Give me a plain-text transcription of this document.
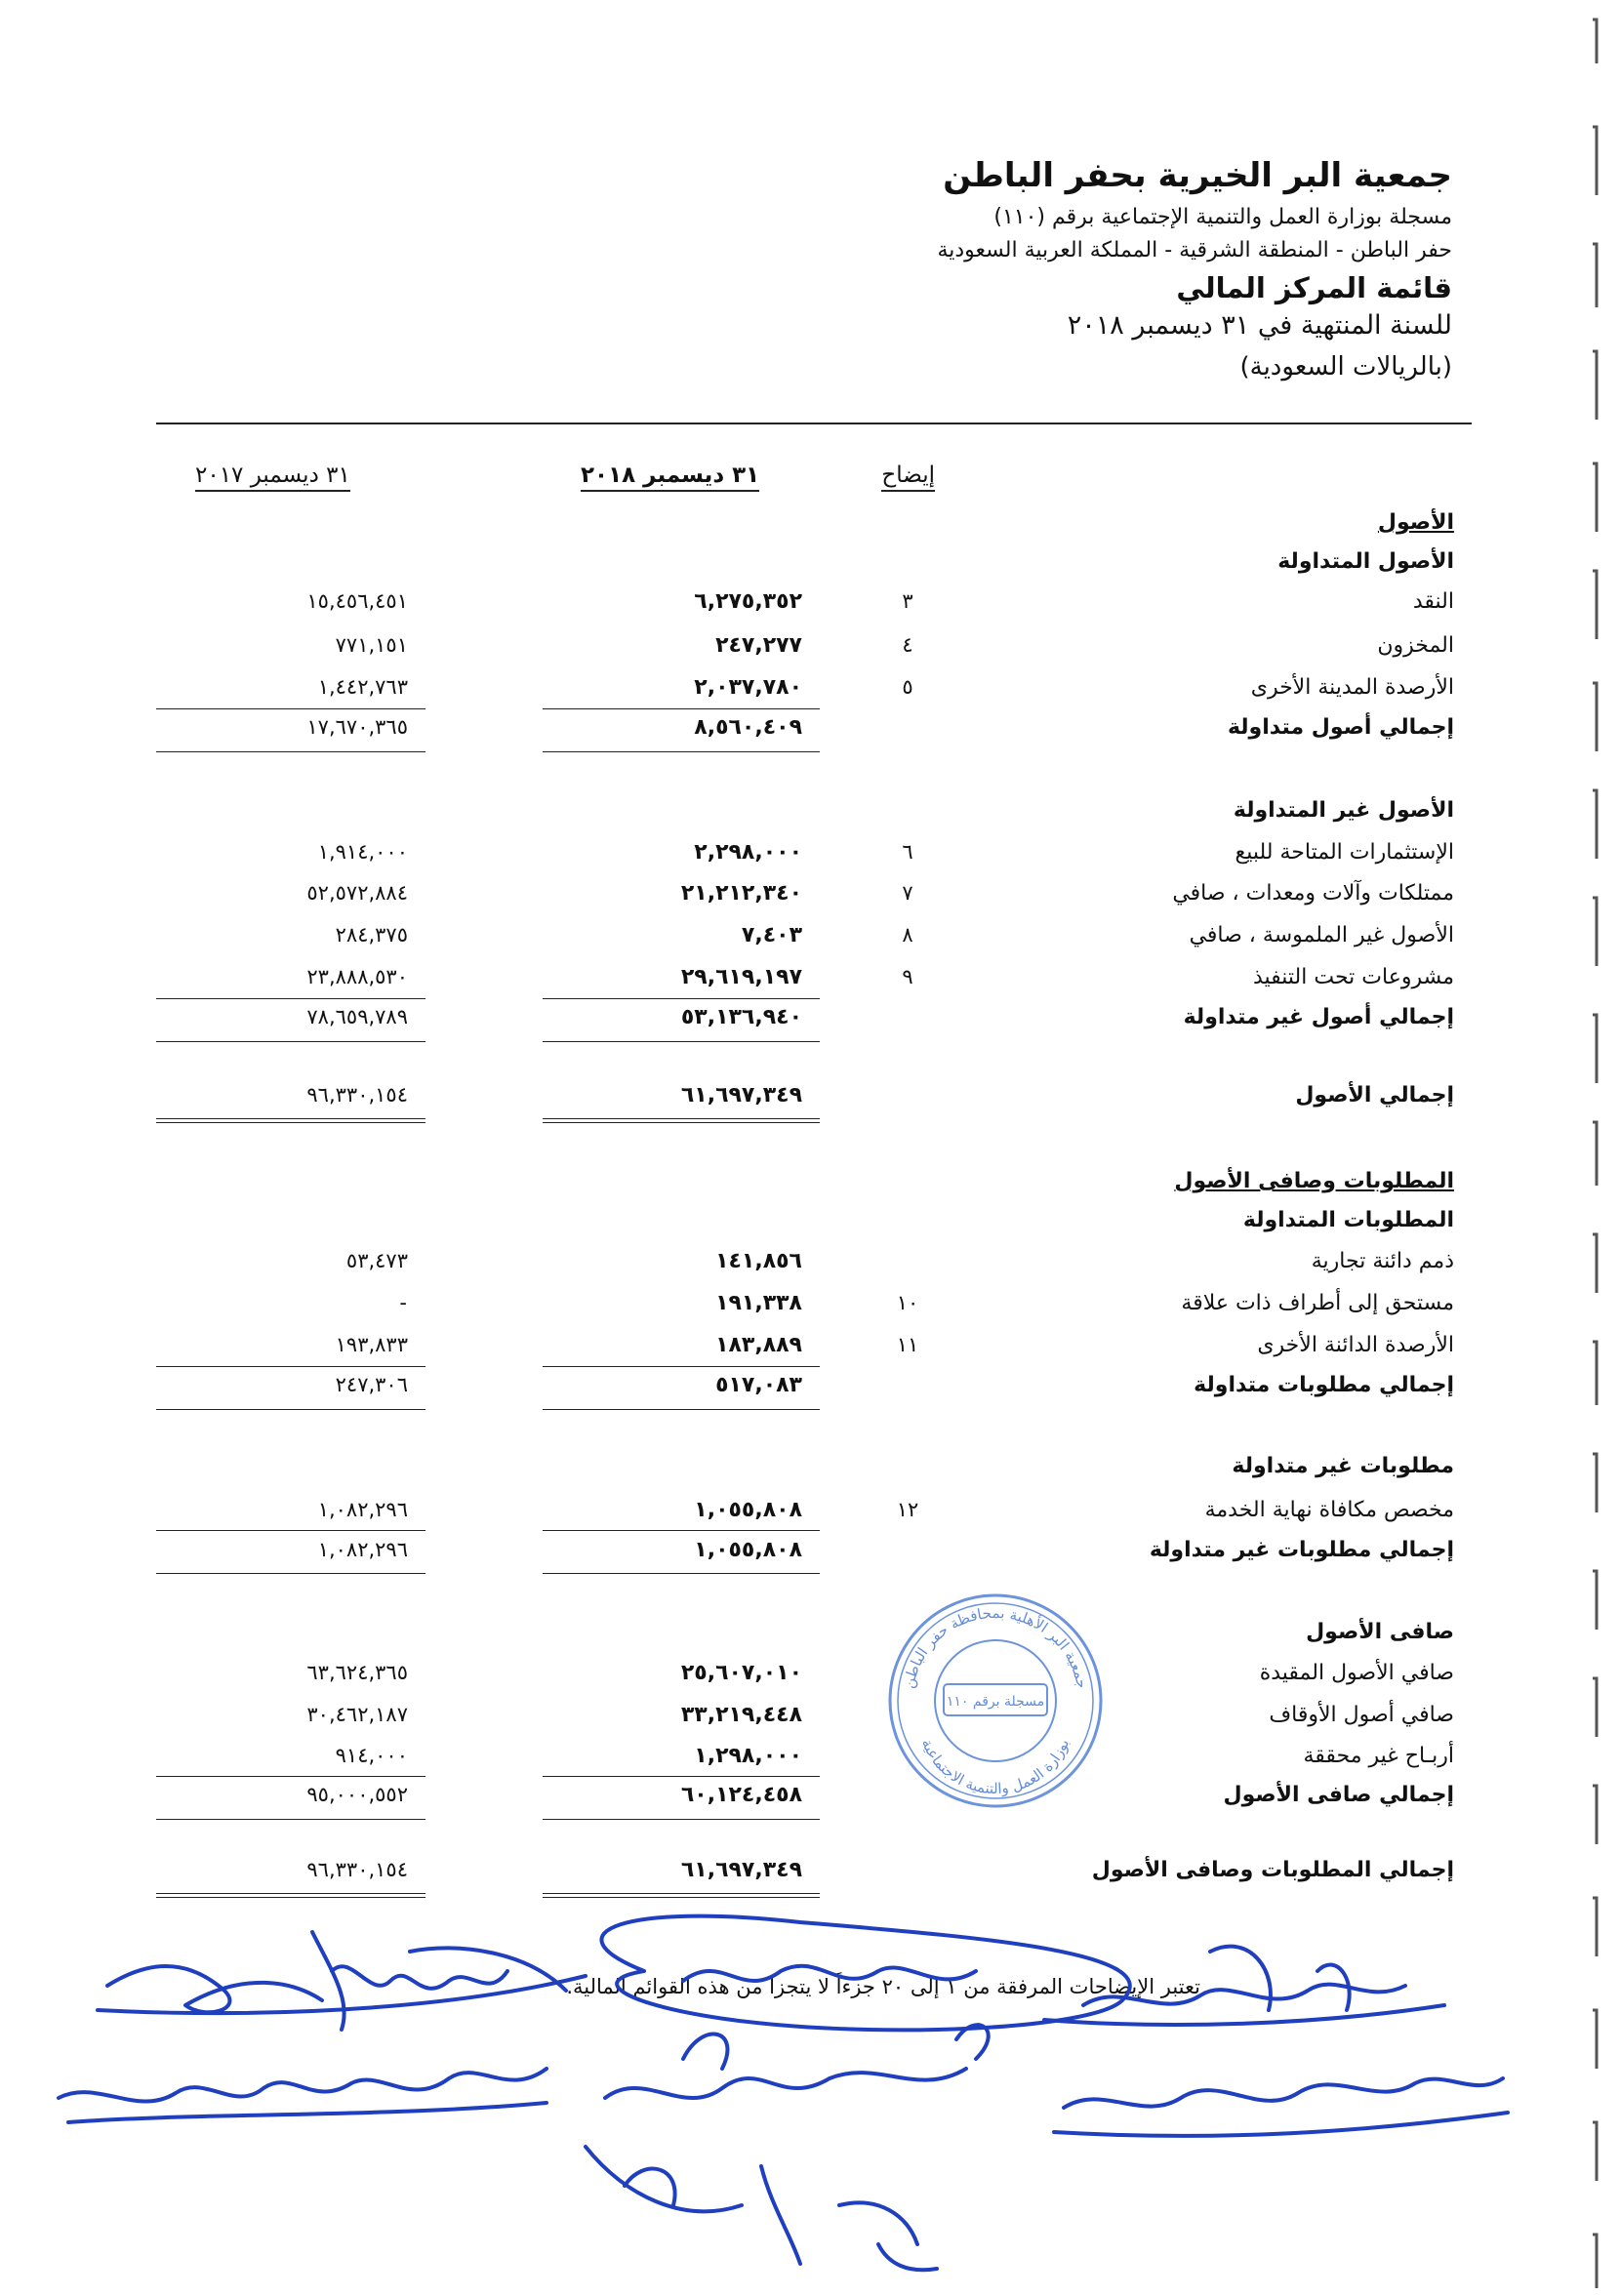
جمعية البر الخيرية بحفر الباطن
مسجلة بوزارة العمل والتنمية الإجتماعية برقم (١١٠)
حفر الباطن - المنطقة الشرقية - المملكة العربية السعودية
قائمة المركز المالي
للسنة المنتهية في ٣١ ديسمبر ٢٠١٨
(بالريالات السعودية)
إيضاح
٣١ ديسمبر ٢٠١٨
٣١ ديسمبر ٢٠١٧
الأصول
الأصول المتداولة
النقد
٣
٦,٢٧٥,٣٥٢
١٥,٤٥٦,٤٥١
المخزون
٤
٢٤٧,٢٧٧
٧٧١,١٥١
الأرصدة المدينة الأخرى
٥
٢,٠٣٧,٧٨٠
١,٤٤٢,٧٦٣
إجمالي أصول متداولة
٨,٥٦٠,٤٠٩
١٧,٦٧٠,٣٦٥
الأصول غير المتداولة
الإستثمارات المتاحة للبيع
٦
٢,٢٩٨,٠٠٠
١,٩١٤,٠٠٠
ممتلكات وآلات ومعدات ، صافي
٧
٢١,٢١٢,٣٤٠
٥٢,٥٧٢,٨٨٤
الأصول غير الملموسة ، صافي
٨
٧,٤٠٣
٢٨٤,٣٧٥
مشروعات تحت التنفيذ
٩
٢٩,٦١٩,١٩٧
٢٣,٨٨٨,٥٣٠
إجمالي أصول غير متداولة
٥٣,١٣٦,٩٤٠
٧٨,٦٥٩,٧٨٩
إجمالي الأصول
٦١,٦٩٧,٣٤٩
٩٦,٣٣٠,١٥٤
المطلوبات وصافى الأصول
المطلوبات المتداولة
ذمم دائنة تجارية
١٤١,٨٥٦
٥٣,٤٧٣
مستحق إلى أطراف ذات علاقة
١٠
١٩١,٣٣٨
-
الأرصدة الدائنة الأخرى
١١
١٨٣,٨٨٩
١٩٣,٨٣٣
إجمالي مطلوبات متداولة
٥١٧,٠٨٣
٢٤٧,٣٠٦
مطلوبات غير متداولة
مخصص مكافاة نهاية الخدمة
١٢
١,٠٥٥,٨٠٨
١,٠٨٢,٢٩٦
إجمالي مطلوبات غير متداولة
١,٠٥٥,٨٠٨
١,٠٨٢,٢٩٦
صافى الأصول
صافي الأصول المقيدة
٢٥,٦٠٧,٠١٠
٦٣,٦٢٤,٣٦٥
صافي أصول الأوقاف
٣٣,٢١٩,٤٤٨
٣٠,٤٦٢,١٨٧
أربـاح غير محققة
١,٢٩٨,٠٠٠
٩١٤,٠٠٠
إجمالي صافى الأصول
٦٠,١٢٤,٤٥٨
٩٥,٠٠٠,٥٥٢
إجمالي المطلوبات وصافى الأصول
٦١,٦٩٧,٣٤٩
٩٦,٣٣٠,١٥٤
تعتبر الإيضاحات المرفقة من ١ إلى ٢٠ جزءاً لا يتجزا من هذه القوائم المالية.
جمعية البر الأهلية بمحافظة حفر الباطن
بوزارة العمل والتنمية الاجتماعية
مسجلة برقم ١١٠
